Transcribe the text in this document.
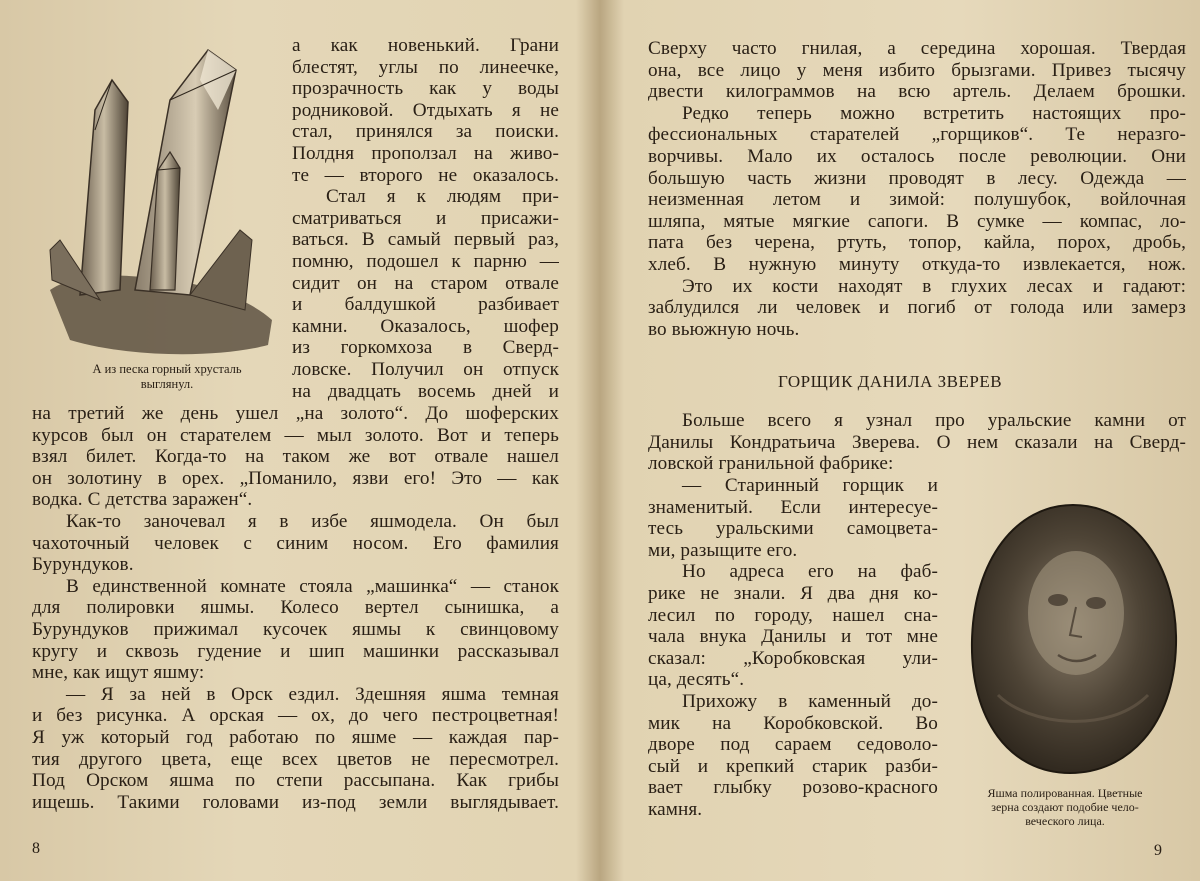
А из песка горный хрусталь
выглянул.
а как новенький. Грани
блестят, углы по линеечке,
прозрачность как у воды
родниковой. Отдыхать я не
стал, принялся за поиски.
Полдня проползал на живо-
те — второго не оказалось.
Стал я к людям при-
сматриваться и присажи-
ваться. В самый первый раз,
помню, подошел к парню —
сидит он на старом отвале
и балдушкой разбивает
камни. Оказалось, шофер
из горкомхоза в Сверд-
ловске. Получил он отпуск
на двадцать восемь дней и
на третий же день ушел „на золото“. До шоферских
курсов был он старателем — мыл золото. Вот и теперь
взял билет. Когда-то на таком же вот отвале нашел
он золотину в орех. „Поманило, язви его! Это — как
водка. С детства заражен“.
Как-то заночевал я в избе яшмодела. Он был
чахоточный человек с синим носом. Его фамилия
Бурундуков.
В единственной комнате стояла „машинка“ — станок
для полировки яшмы. Колесо вертел сынишка, а
Бурундуков прижимал кусочек яшмы к свинцовому
кругу и сквозь гудение и шип машинки рассказывал
мне, как ищут яшму:
— Я за ней в Орск ездил. Здешняя яшма темная
и без рисунка. А орская — ох, до чего пестроцветная!
Я уж который год работаю по яшме — каждая пар-
тия другого цвета, еще всех цветов не пересмотрел.
Под Орском яшма по степи рассыпана. Как грибы
ищешь. Такими головами из-под земли выглядывает.
8
Сверху часто гнилая, а середина хорошая. Твердая
она, все лицо у меня избито брызгами. Привез тысячу
двести килограммов на всю артель. Делаем брошки.
Редко теперь можно встретить настоящих про-
фессиональных старателей „горщиков“. Те неразго-
ворчивы. Мало их осталось после революции. Они
большую часть жизни проводят в лесу. Одежда —
неизменная летом и зимой: полушубок, войлочная
шляпа, мятые мягкие сапоги. В сумке — компас, ло-
пата без черена, ртуть, топор, кайла, порох, дробь,
хлеб. В нужную минуту откуда-то извлекается, нож.
Это их кости находят в глухих лесах и гадают:
заблудился ли человек и погиб от голода или замерз
во вьюжную ночь.
ГОРЩИК ДАНИЛА ЗВЕРЕВ
Больше всего я узнал про уральские камни от
Данилы Кондратьича Зверева. О нем сказали на Сверд-
ловской гранильной фабрике:
— Старинный горщик и
знаменитый. Если интересуе-
тесь уральскими самоцвета-
ми, разыщите его.
Но адреса его на фаб-
рике не знали. Я два дня ко-
лесил по городу, нашел сна-
чала внука Данилы и тот мне
сказал: „Коробковская ули-
ца, десять“.
Прихожу в каменный до-
мик на Коробковской. Во
дворе под сараем седоволо-
сый и крепкий старик разби-
вает глыбку розово-красного
камня.
Яшма полированная. Цветные
зерна создают подобие чело-
веческого лица.
9
